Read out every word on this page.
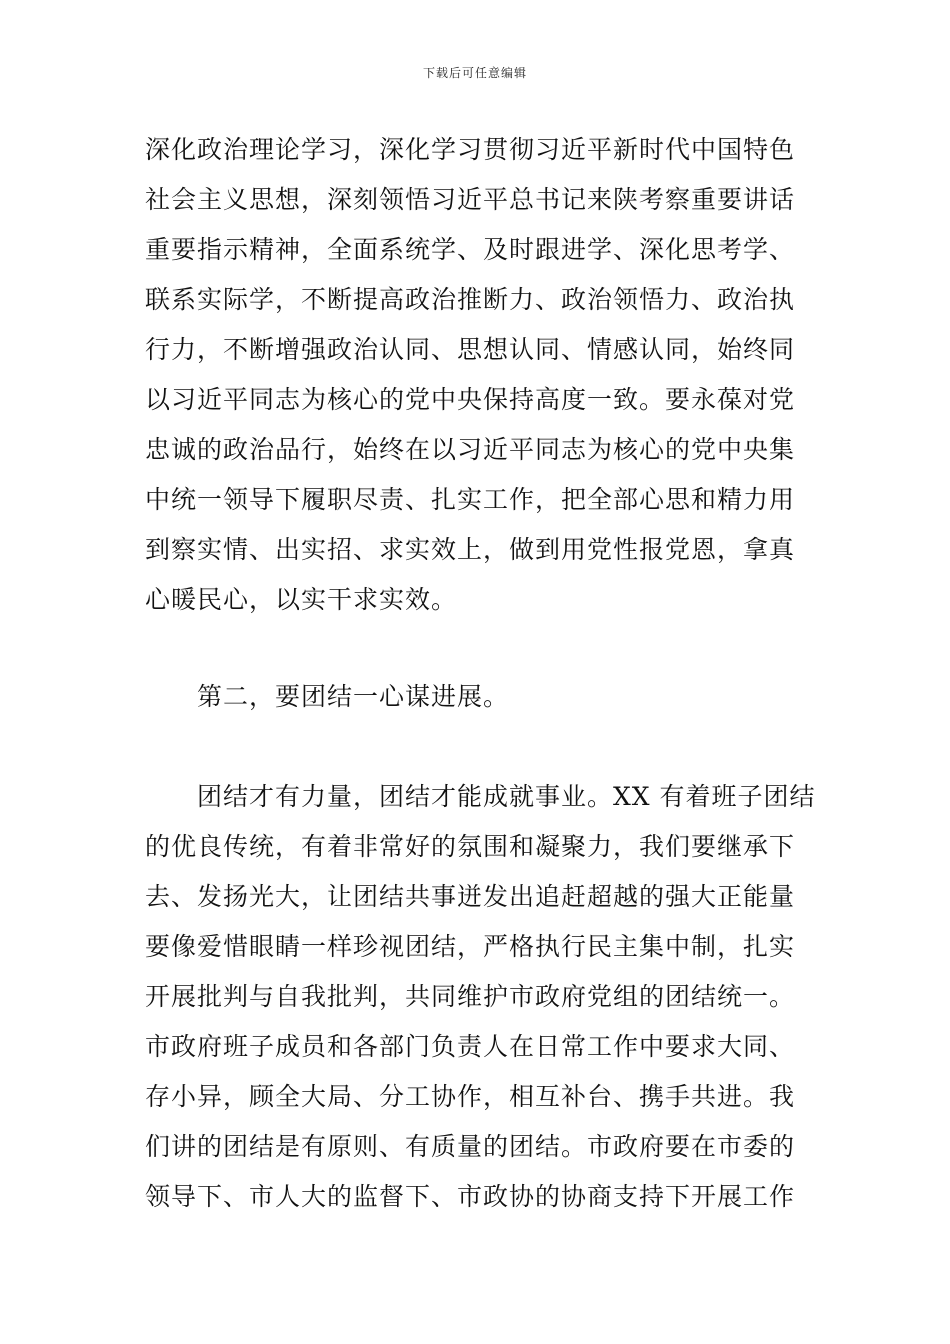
下载后可任意编辑
深化政治理论学习，深化学习贯彻习近平新时代中国特色
社会主义思想，深刻领悟习近平总书记来陕考察重要讲话
重要指示精神，全面系统学、及时跟进学、深化思考学、
联系实际学，不断提高政治推断力、政治领悟力、政治执
行力，不断增强政治认同、思想认同、情感认同，始终同
以习近平同志为核心的党中央保持高度一致。要永葆对党
忠诚的政治品行，始终在以习近平同志为核心的党中央集
中统一领导下履职尽责、扎实工作，把全部心思和精力用
到察实情、出实招、求实效上，做到用党性报党恩，拿真
心暖民心，以实干求实效。
　　第二，要团结一心谋进展。
　　团结才有力量，团结才能成就事业。XX 有着班子团结
的优良传统，有着非常好的氛围和凝聚力，我们要继承下
去、发扬光大，让团结共事迸发出追赶超越的强大正能量
要像爱惜眼睛一样珍视团结，严格执行民主集中制，扎实
开展批判与自我批判，共同维护市政府党组的团结统一。
市政府班子成员和各部门负责人在日常工作中要求大同、
存小异，顾全大局、分工协作，相互补台、携手共进。我
们讲的团结是有原则、有质量的团结。市政府要在市委的
领导下、市人大的监督下、市政协的协商支持下开展工作
